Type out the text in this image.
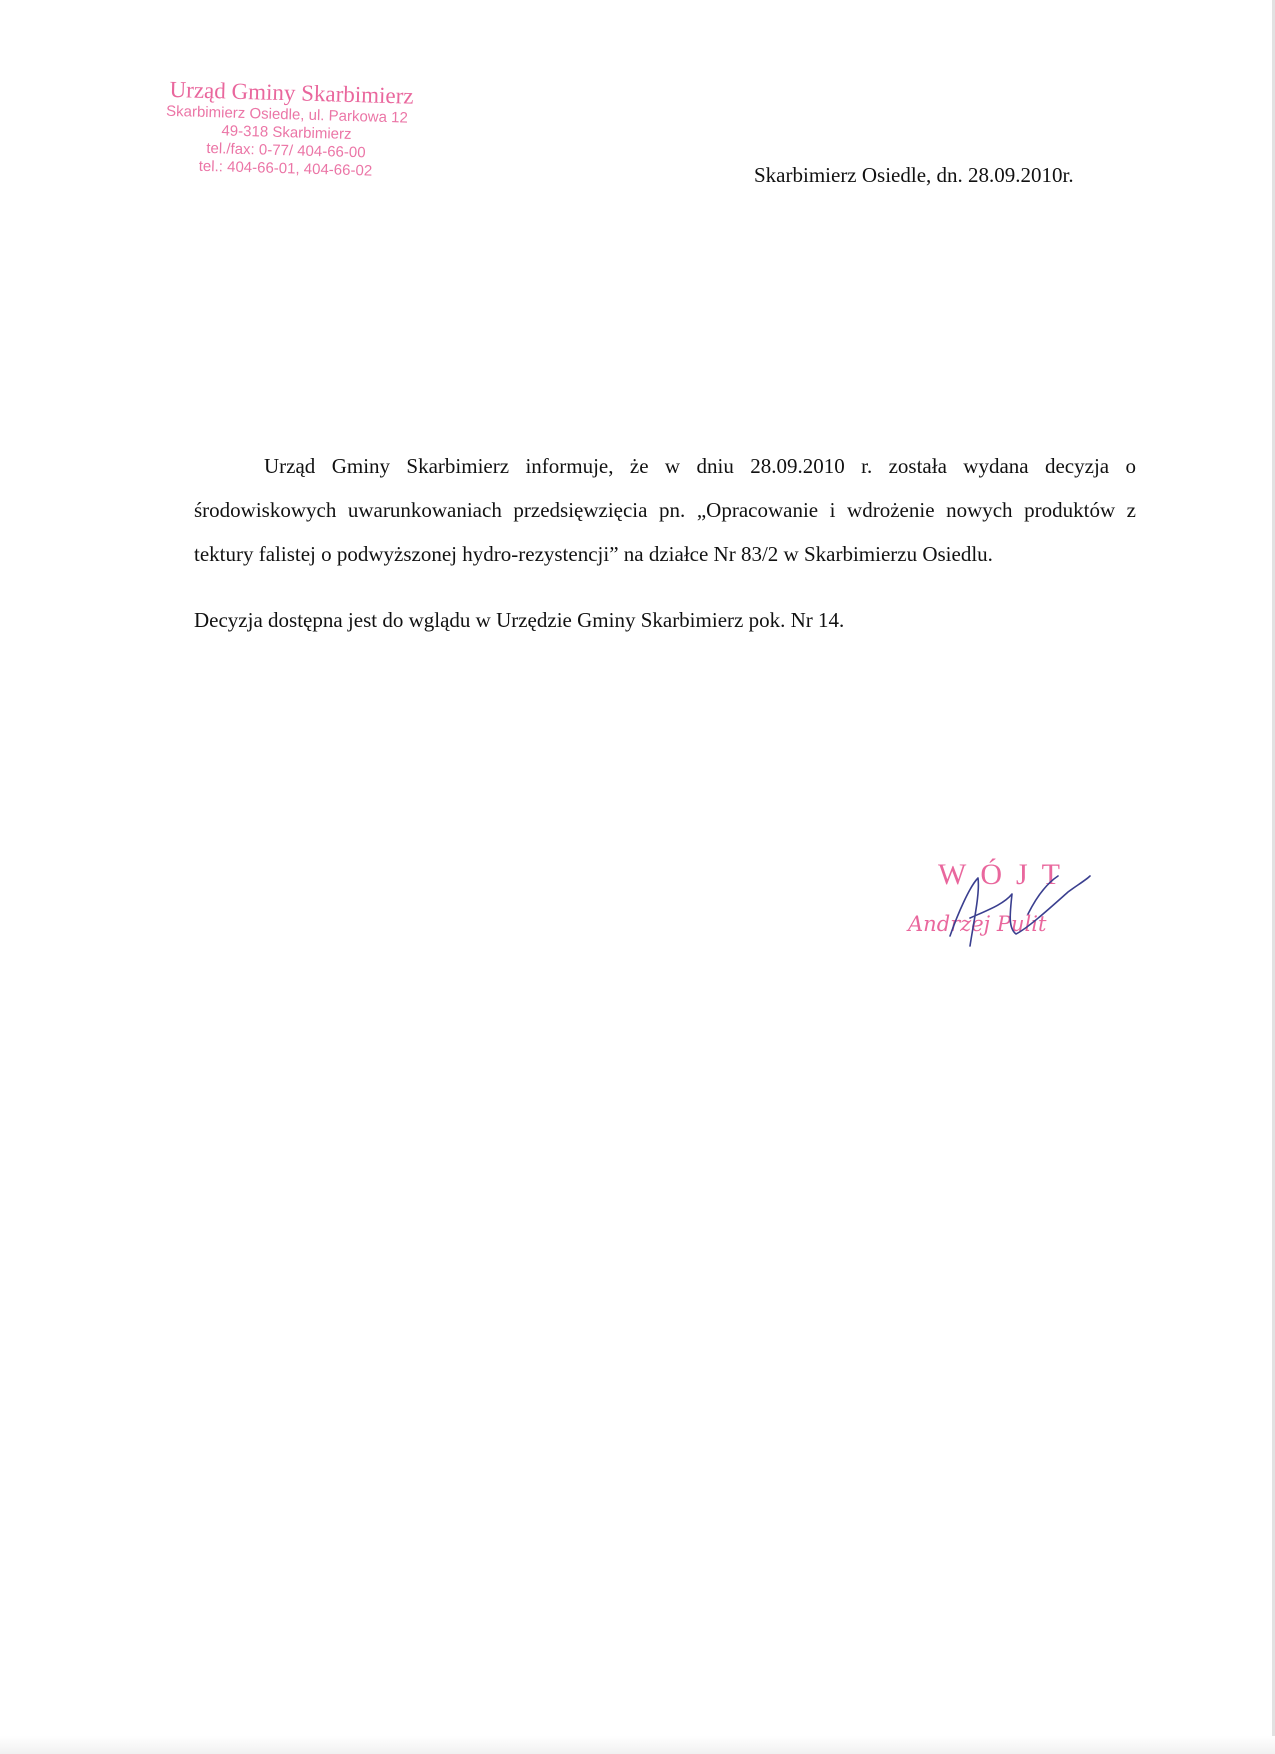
Urząd Gminy Skarbimierz
Skarbimierz Osiedle, ul. Parkowa 12
49-318 Skarbimierz
tel./fax: 0-77/ 404-66-00
tel.: 404-66-01, 404-66-02	Skarbimierz Osiedle, dn. 28.09.2010r.

Urząd Gminy Skarbimierz informuje, że w dniu 28.09.2010 r. została wydana decyzja o środowiskowych uwarunkowaniach przedsięwzięcia pn. „Opracowanie i wdrożenie nowych produktów z tektury falistej o podwyższonej hydro-rezystencji” na działce Nr 83/2 w Skarbimierzu Osiedlu.

Decyzja dostępna jest do wglądu w Urzędzie Gminy Skarbimierz pok. Nr 14.

WÓJT
Andrzej Pulit
